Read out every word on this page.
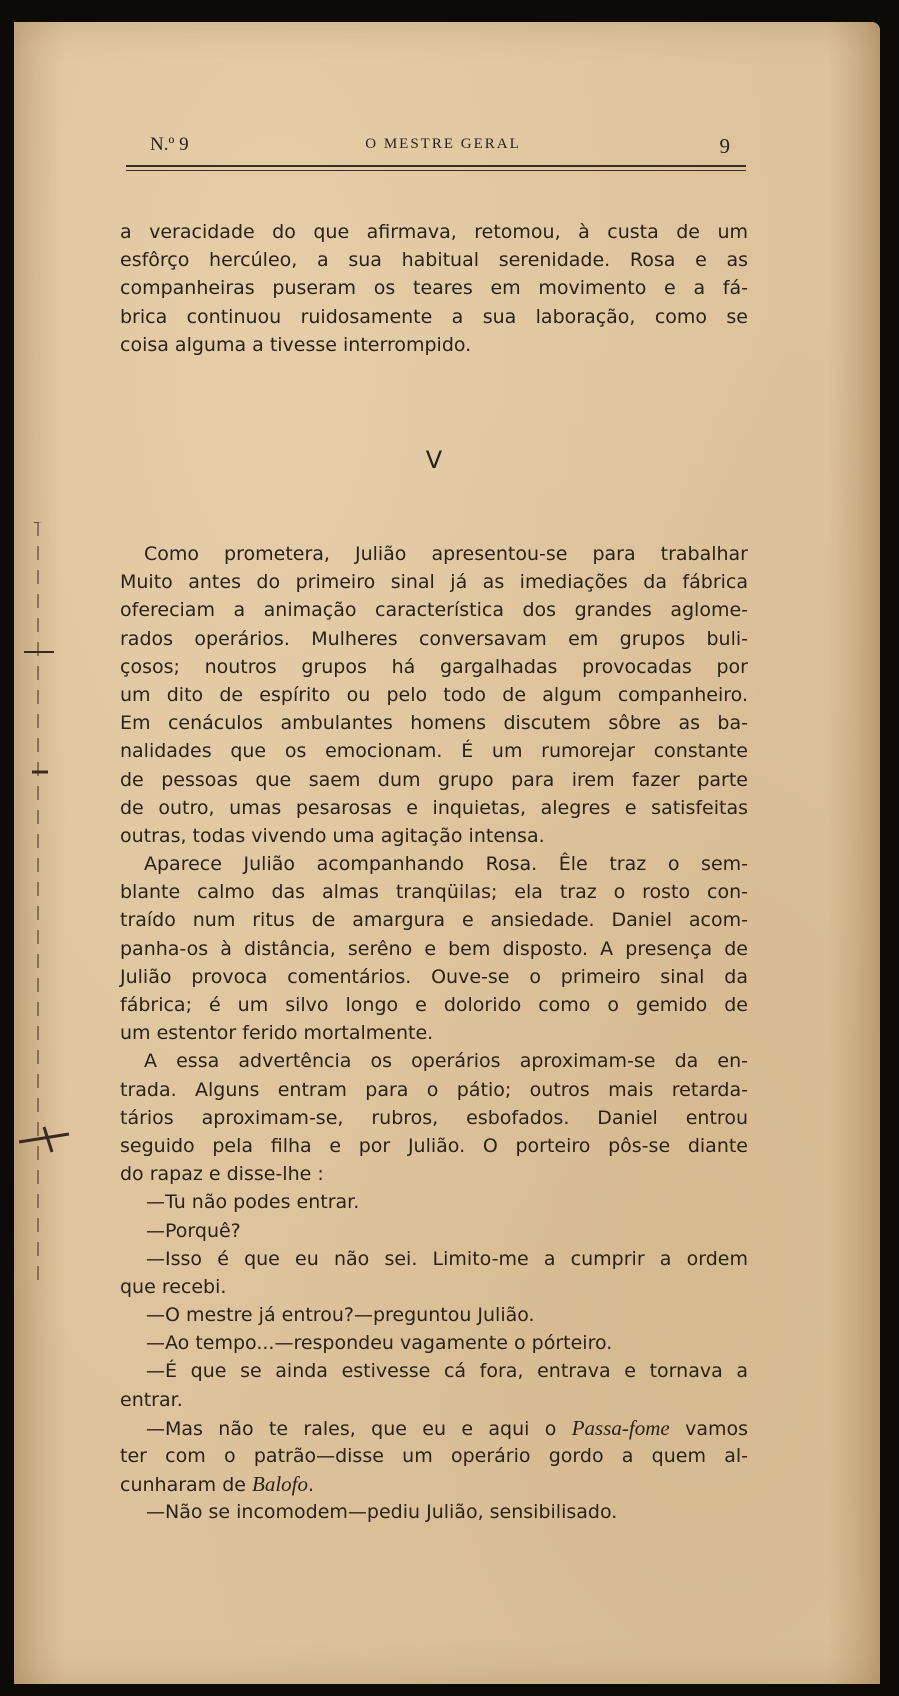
N.º 9	O MESTRE GERAL	9
a veracidade do que afirmava, retomou, à custa de um
esfôrço hercúleo, a sua habitual serenidade. Rosa e as
companheiras puseram os teares em movimento e a fá-
brica continuou ruidosamente a sua laboração, como se
coisa alguma a tivesse interrompido.
V
Como prometera, Julião apresentou-se para trabalhar
Muito antes do primeiro sinal já as imediações da fábrica
ofereciam a animação característica dos grandes aglome-
rados operários. Mulheres conversavam em grupos buli-
çosos; noutros grupos há gargalhadas provocadas por
um dito de espírito ou pelo todo de algum companheiro.
Em cenáculos ambulantes homens discutem sôbre as ba-
nalidades que os emocionam. É um rumorejar constante
de pessoas que saem dum grupo para irem fazer parte
de outro, umas pesarosas e inquietas, alegres e satisfeitas
outras, todas vivendo uma agitação intensa.
Aparece Julião acompanhando Rosa. Êle traz o sem-
blante calmo das almas tranqüilas; ela traz o rosto con-
traído num ritus de amargura e ansiedade. Daniel acom-
panha-os à distância, serêno e bem disposto. A presença de
Julião provoca comentários. Ouve-se o primeiro sinal da
fábrica; é um silvo longo e dolorido como o gemido de
um estentor ferido mortalmente.
A essa advertência os operários aproximam-se da en-
trada. Alguns entram para o pátio; outros mais retarda-
tários aproximam-se, rubros, esbofados. Daniel entrou
seguido pela filha e por Julião. O porteiro pôs-se diante
do rapaz e disse-lhe :
—Tu não podes entrar.
—Porquê?
—Isso é que eu não sei. Limito-me a cumprir a ordem
que recebi.
—O mestre já entrou?—preguntou Julião.
—Ao tempo...—respondeu vagamente o pórteiro.
—É que se ainda estivesse cá fora, entrava e tornava a
entrar.
—Mas não te rales, que eu e aqui o Passa-fome vamos
ter com o patrão—disse um operário gordo a quem al-
cunharam de Balofo.
—Não se incomodem—pediu Julião, sensibilisado.
